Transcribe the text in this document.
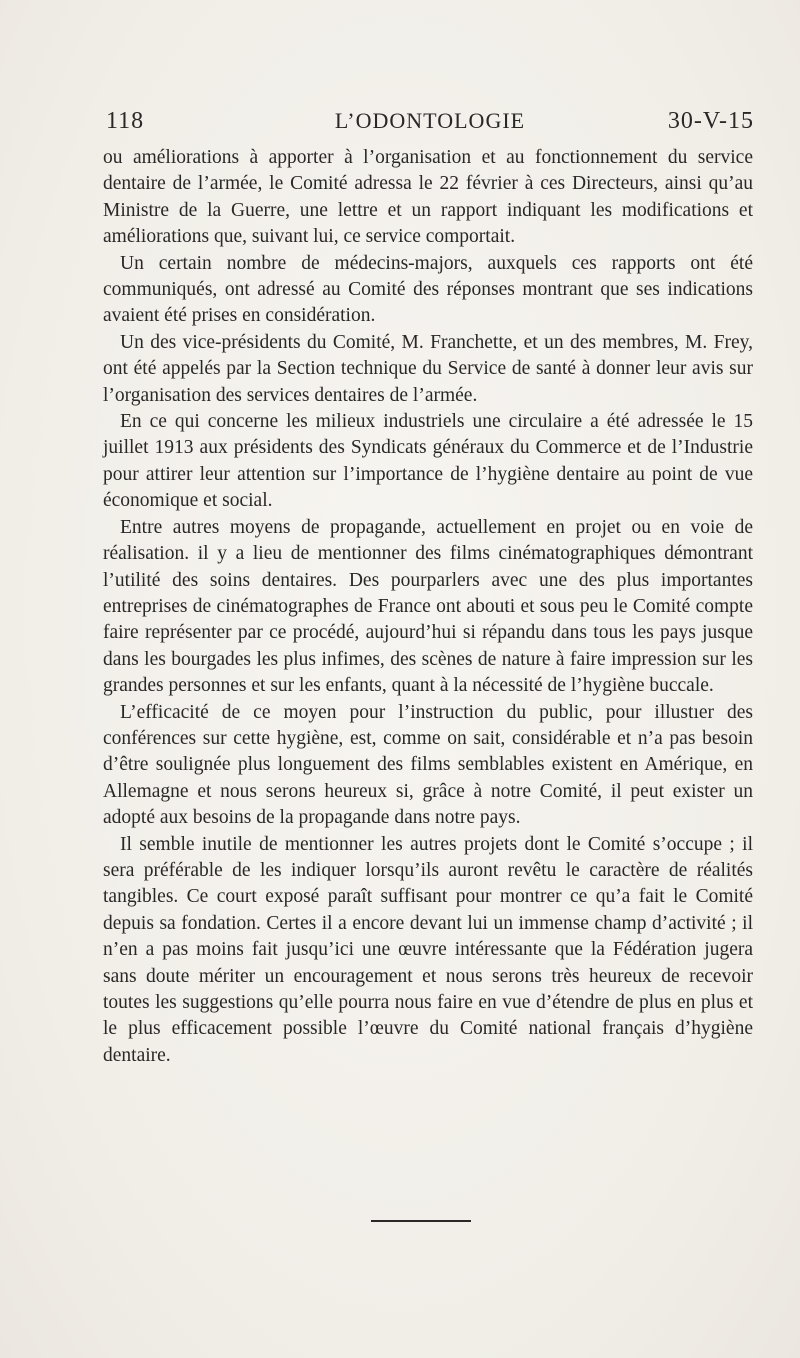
118	L’ODONTOLOGIE	30-V-15

ou améliorations à apporter à l’organisation et au fonctionnement du service dentaire de l’armée, le Comité adressa le 22 février à ces Directeurs, ainsi qu’au Ministre de la Guerre, une lettre et un rapport indiquant les modifications et améliorations que, suivant lui, ce service comportait.

Un certain nombre de médecins-majors, auxquels ces rapports ont été communiqués, ont adressé au Comité des réponses montrant que ses indications avaient été prises en considération.

Un des vice-présidents du Comité, M. Franchette, et un des membres, M. Frey, ont été appelés par la Section technique du Service de santé à donner leur avis sur l’organisation des services dentaires de l’armée.

En ce qui concerne les milieux industriels une circulaire a été adressée le 15 juillet 1913 aux présidents des Syndicats généraux du Commerce et de l’Industrie pour attirer leur attention sur l’importance de l’hygiène dentaire au point de vue économique et social.

Entre autres moyens de propagande, actuellement en projet ou en voie de réalisation. il y a lieu de mentionner des films cinématographiques démontrant l’utilité des soins dentaires. Des pourparlers avec une des plus importantes entreprises de cinématographes de France ont abouti et sous peu le Comité compte faire représenter par ce procédé, aujourd’hui si répandu dans tous les pays jusque dans les bourgades les plus infimes, des scènes de nature à faire impression sur les grandes personnes et sur les enfants, quant à la nécessité de l’hygiène buccale.

L’efficacité de ce moyen pour l’instruction du public, pour illustıer des conférences sur cette hygiène, est, comme on sait, considérable et n’a pas besoin d’être soulignée plus longuement des films semblables existent en Amérique, en Allemagne et nous serons heureux si, grâce à notre Comité, il peut exister un adopté aux besoins de la propagande dans notre pays.

Il semble inutile de mentionner les autres projets dont le Comité s’occupe ; il sera préférable de les indiquer lorsqu’ils auront revêtu le caractère de réalités tangibles. Ce court exposé paraît suffisant pour montrer ce qu’a fait le Comité depuis sa fondation. Certes il a encore devant lui un immense champ d’activité ; il n’en a pas moins fait jusqu’ici une œuvre intéressante que la Fédération jugera sans doute mériter un encouragement et nous serons très heureux de recevoir toutes les suggestions qu’elle pourra nous faire en vue d’étendre de plus en plus et le plus efficacement possible l’œuvre du Comité national français d’hygiène dentaire.
